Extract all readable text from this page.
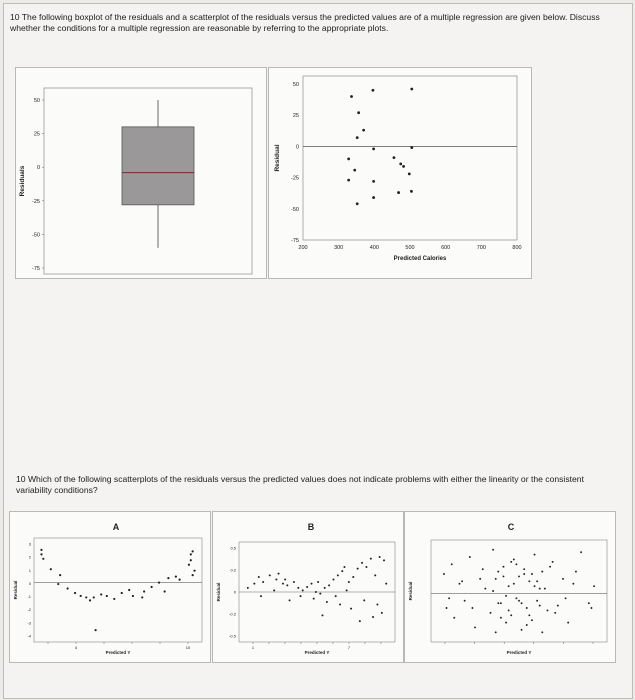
10 The following boxplot of the residuals and a scatterplot of the residuals versus the predicted values are of a multiple regression are given below. Discuss whether the conditions for a multiple regression are reasonable by referring to the appropriate plots.
Residuals
50
25
0
-25
-50
-75
Residual
50
25
0
-25
-50
-75
200	300	400	500	600	700	800
Predicted Calories
10 Which of the following scatterplots of the residuals versus the predicted values does not indicate problems with either the linearity or the consistent variability conditions?
A
Residual
3
2
1
0
-1
-2
-3
-4
4	10
Predicted Y
B
Residual
0.5
0.2
0
-0.2
-0.5
1	7
Predicted Y
C
Residual
Predicted Y
